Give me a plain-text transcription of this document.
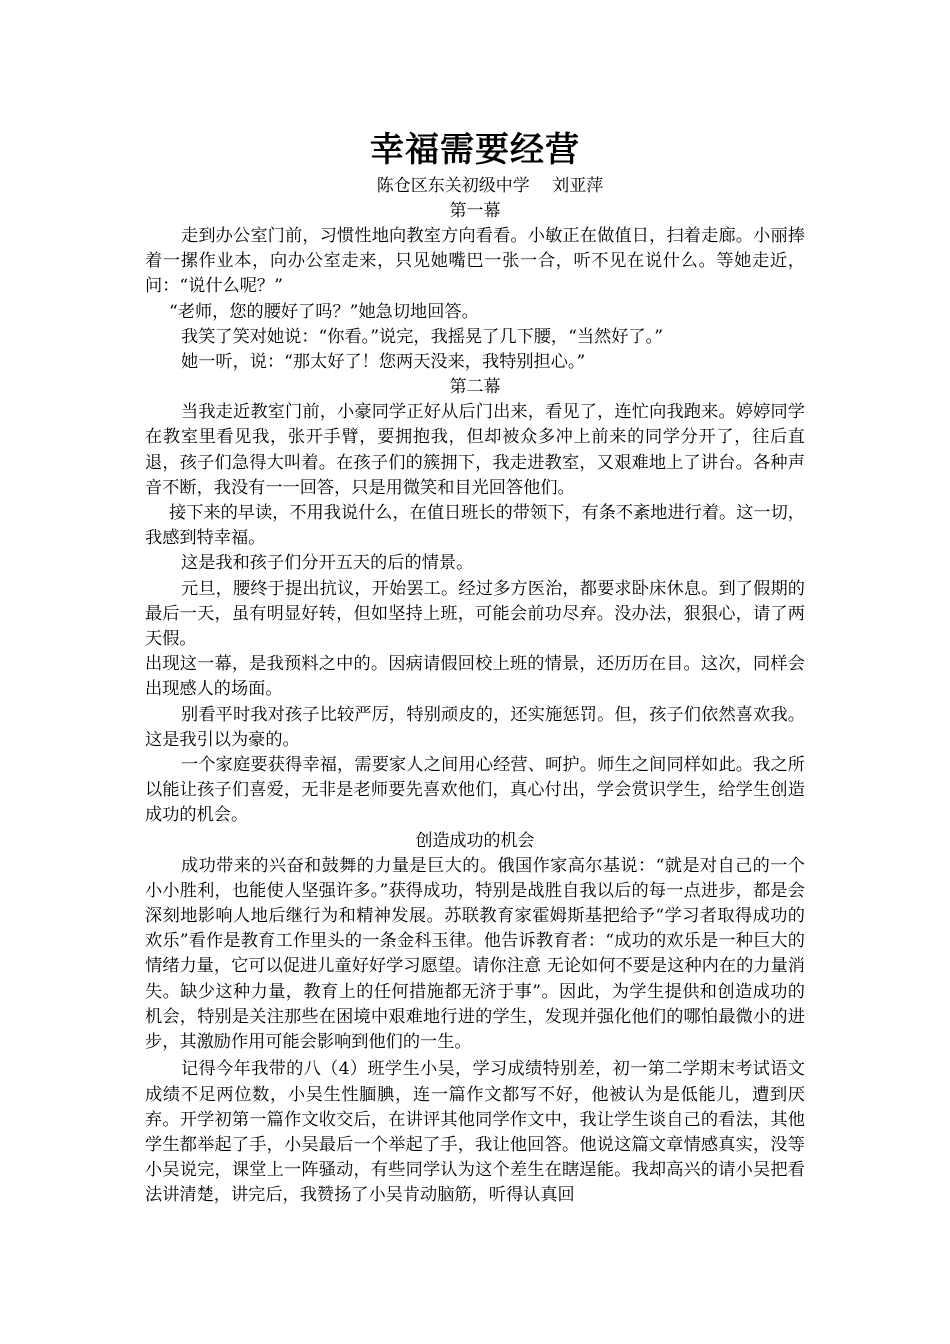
幸福需要经营
陈仓区东关初级中学　 刘亚萍
第一幕

走到办公室门前，习惯性地向教室方向看看。小敏正在做值日，扫着走廊。小丽捧着一摞作业本，向办公室走来，只见她嘴巴一张一合，听不见在说什么。等她走近，问：“说什么呢？”

“老师，您的腰好了吗？”她急切地回答。

我笑了笑对她说：“你看。”说完，我摇晃了几下腰，“当然好了。”

她一听，说：“那太好了！您两天没来，我特别担心。”

第二幕

当我走近教室门前，小豪同学正好从后门出来，看见了，连忙向我跑来。婷婷同学在教室里看见我，张开手臂，要拥抱我，但却被众多冲上前来的同学分开了，往后直退，孩子们急得大叫着。在孩子们的簇拥下，我走进教室，又艰难地上了讲台。各种声音不断，我没有一一回答，只是用微笑和目光回答他们。

接下来的早读，不用我说什么，在值日班长的带领下，有条不紊地进行着。这一切，我感到特幸福。

这是我和孩子们分开五天的后的情景。

元旦，腰终于提出抗议，开始罢工。经过多方医治，都要求卧床休息。到了假期的最后一天，虽有明显好转，但如坚持上班，可能会前功尽弃。没办法，狠狠心，请了两天假。

出现这一幕，是我预料之中的。因病请假回校上班的情景，还历历在目。这次，同样会出现感人的场面。

别看平时我对孩子比较严厉，特别顽皮的，还实施惩罚。但，孩子们依然喜欢我。这是我引以为豪的。

一个家庭要获得幸福，需要家人之间用心经营、呵护。师生之间同样如此。我之所以能让孩子们喜爱，无非是老师要先喜欢他们，真心付出，学会赏识学生，给学生创造成功的机会。

创造成功的机会

成功带来的兴奋和鼓舞的力量是巨大的。俄国作家高尔基说：“就是对自己的一个小小胜利，也能使人坚强许多。”获得成功，特别是战胜自我以后的每一点进步，都是会深刻地影响人地后继行为和精神发展。苏联教育家霍姆斯基把给予“学习者取得成功的欢乐”看作是教育工作里头的一条金科玉律。他告诉教育者：“成功的欢乐是一种巨大的情绪力量，它可以促进儿童好好学习愿望。请你注意 无论如何不要是这种内在的力量消失。缺少这种力量，教育上的任何措施都无济于事”。因此，为学生提供和创造成功的机会，特别是关注那些在困境中艰难地行进的学生，发现并强化他们的哪怕最微小的进步，其激励作用可能会影响到他们的一生。

记得今年我带的八（4）班学生小吴，学习成绩特别差，初一第二学期末考试语文成绩不足两位数，小吴生性腼腆，连一篇作文都写不好，他被认为是低能儿，遭到厌弃。开学初第一篇作文收交后，在讲评其他同学作文中，我让学生谈自己的看法，其他学生都举起了手，小吴最后一个举起了手，我让他回答。他说这篇文章情感真实，没等小吴说完，课堂上一阵骚动，有些同学认为这个差生在瞎逞能。我却高兴的请小吴把看法讲清楚，讲完后，我赞扬了小吴肯动脑筋，听得认真回
